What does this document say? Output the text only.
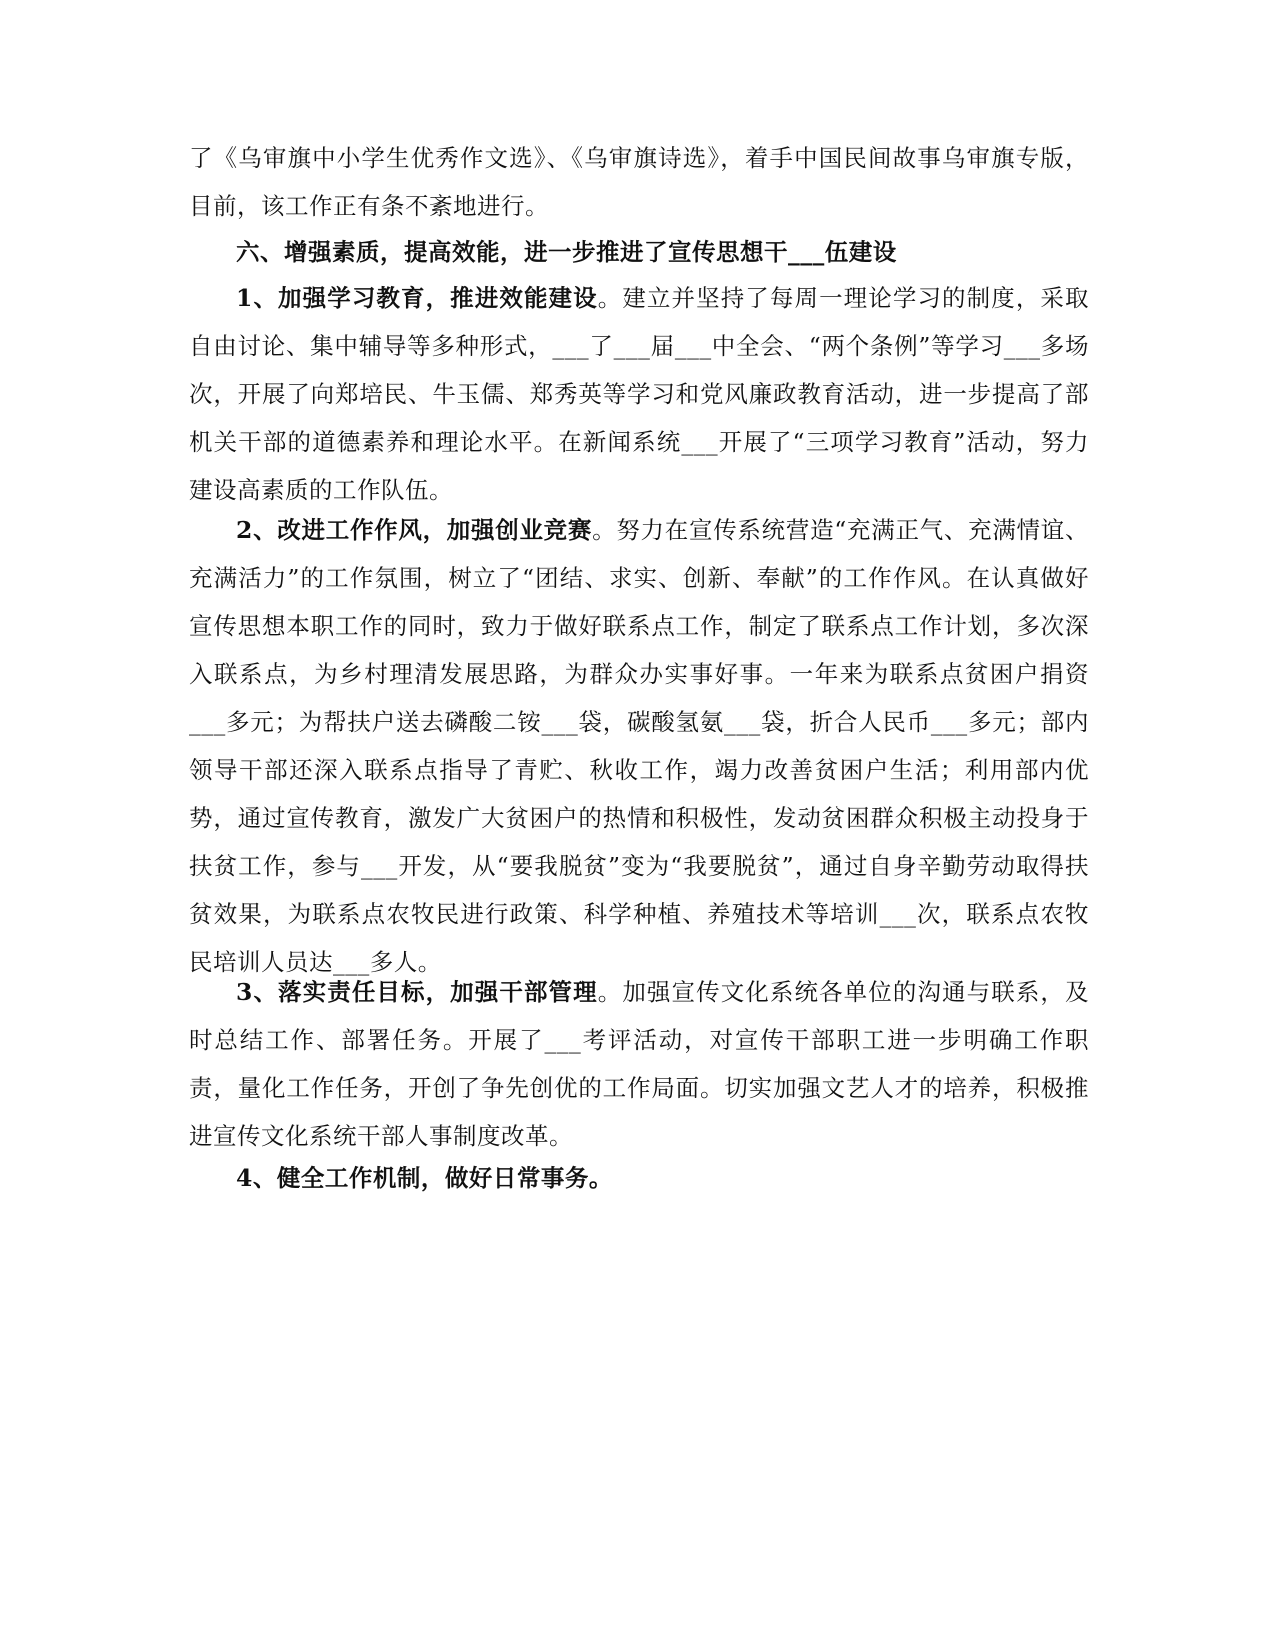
了《乌审旗中小学生优秀作文选》、《乌审旗诗选》，着手中国民间故事乌审旗专版，目前，该工作正有条不紊地进行。

六、增强素质，提高效能，进一步推进了宣传思想干___伍建设

1、加强学习教育，推进效能建设。建立并坚持了每周一理论学习的制度，采取自由讨论、集中辅导等多种形式，___了___届___中全会、“两个条例”等学习___多场次，开展了向郑培民、牛玉儒、郑秀英等学习和党风廉政教育活动，进一步提高了部机关干部的道德素养和理论水平。在新闻系统___开展了“三项学习教育”活动，努力建设高素质的工作队伍。

2、改进工作作风，加强创业竞赛。努力在宣传系统营造“充满正气、充满情谊、充满活力”的工作氛围，树立了“团结、求实、创新、奉献”的工作作风。在认真做好宣传思想本职工作的同时，致力于做好联系点工作，制定了联系点工作计划，多次深入联系点，为乡村理清发展思路，为群众办实事好事。一年来为联系点贫困户捐资___多元；为帮扶户送去磷酸二铵___袋，碳酸氢氨___袋，折合人民币___多元；部内领导干部还深入联系点指导了青贮、秋收工作，竭力改善贫困户生活；利用部内优势，通过宣传教育，激发广大贫困户的热情和积极性，发动贫困群众积极主动投身于扶贫工作，参与___开发，从“要我脱贫”变为“我要脱贫”，通过自身辛勤劳动取得扶贫效果，为联系点农牧民进行政策、科学种植、养殖技术等培训___次，联系点农牧民培训人员达___多人。

3、落实责任目标，加强干部管理。加强宣传文化系统各单位的沟通与联系，及时总结工作、部署任务。开展了___考评活动，对宣传干部职工进一步明确工作职责，量化工作任务，开创了争先创优的工作局面。切实加强文艺人才的培养，积极推进宣传文化系统干部人事制度改革。

4、健全工作机制，做好日常事务。
